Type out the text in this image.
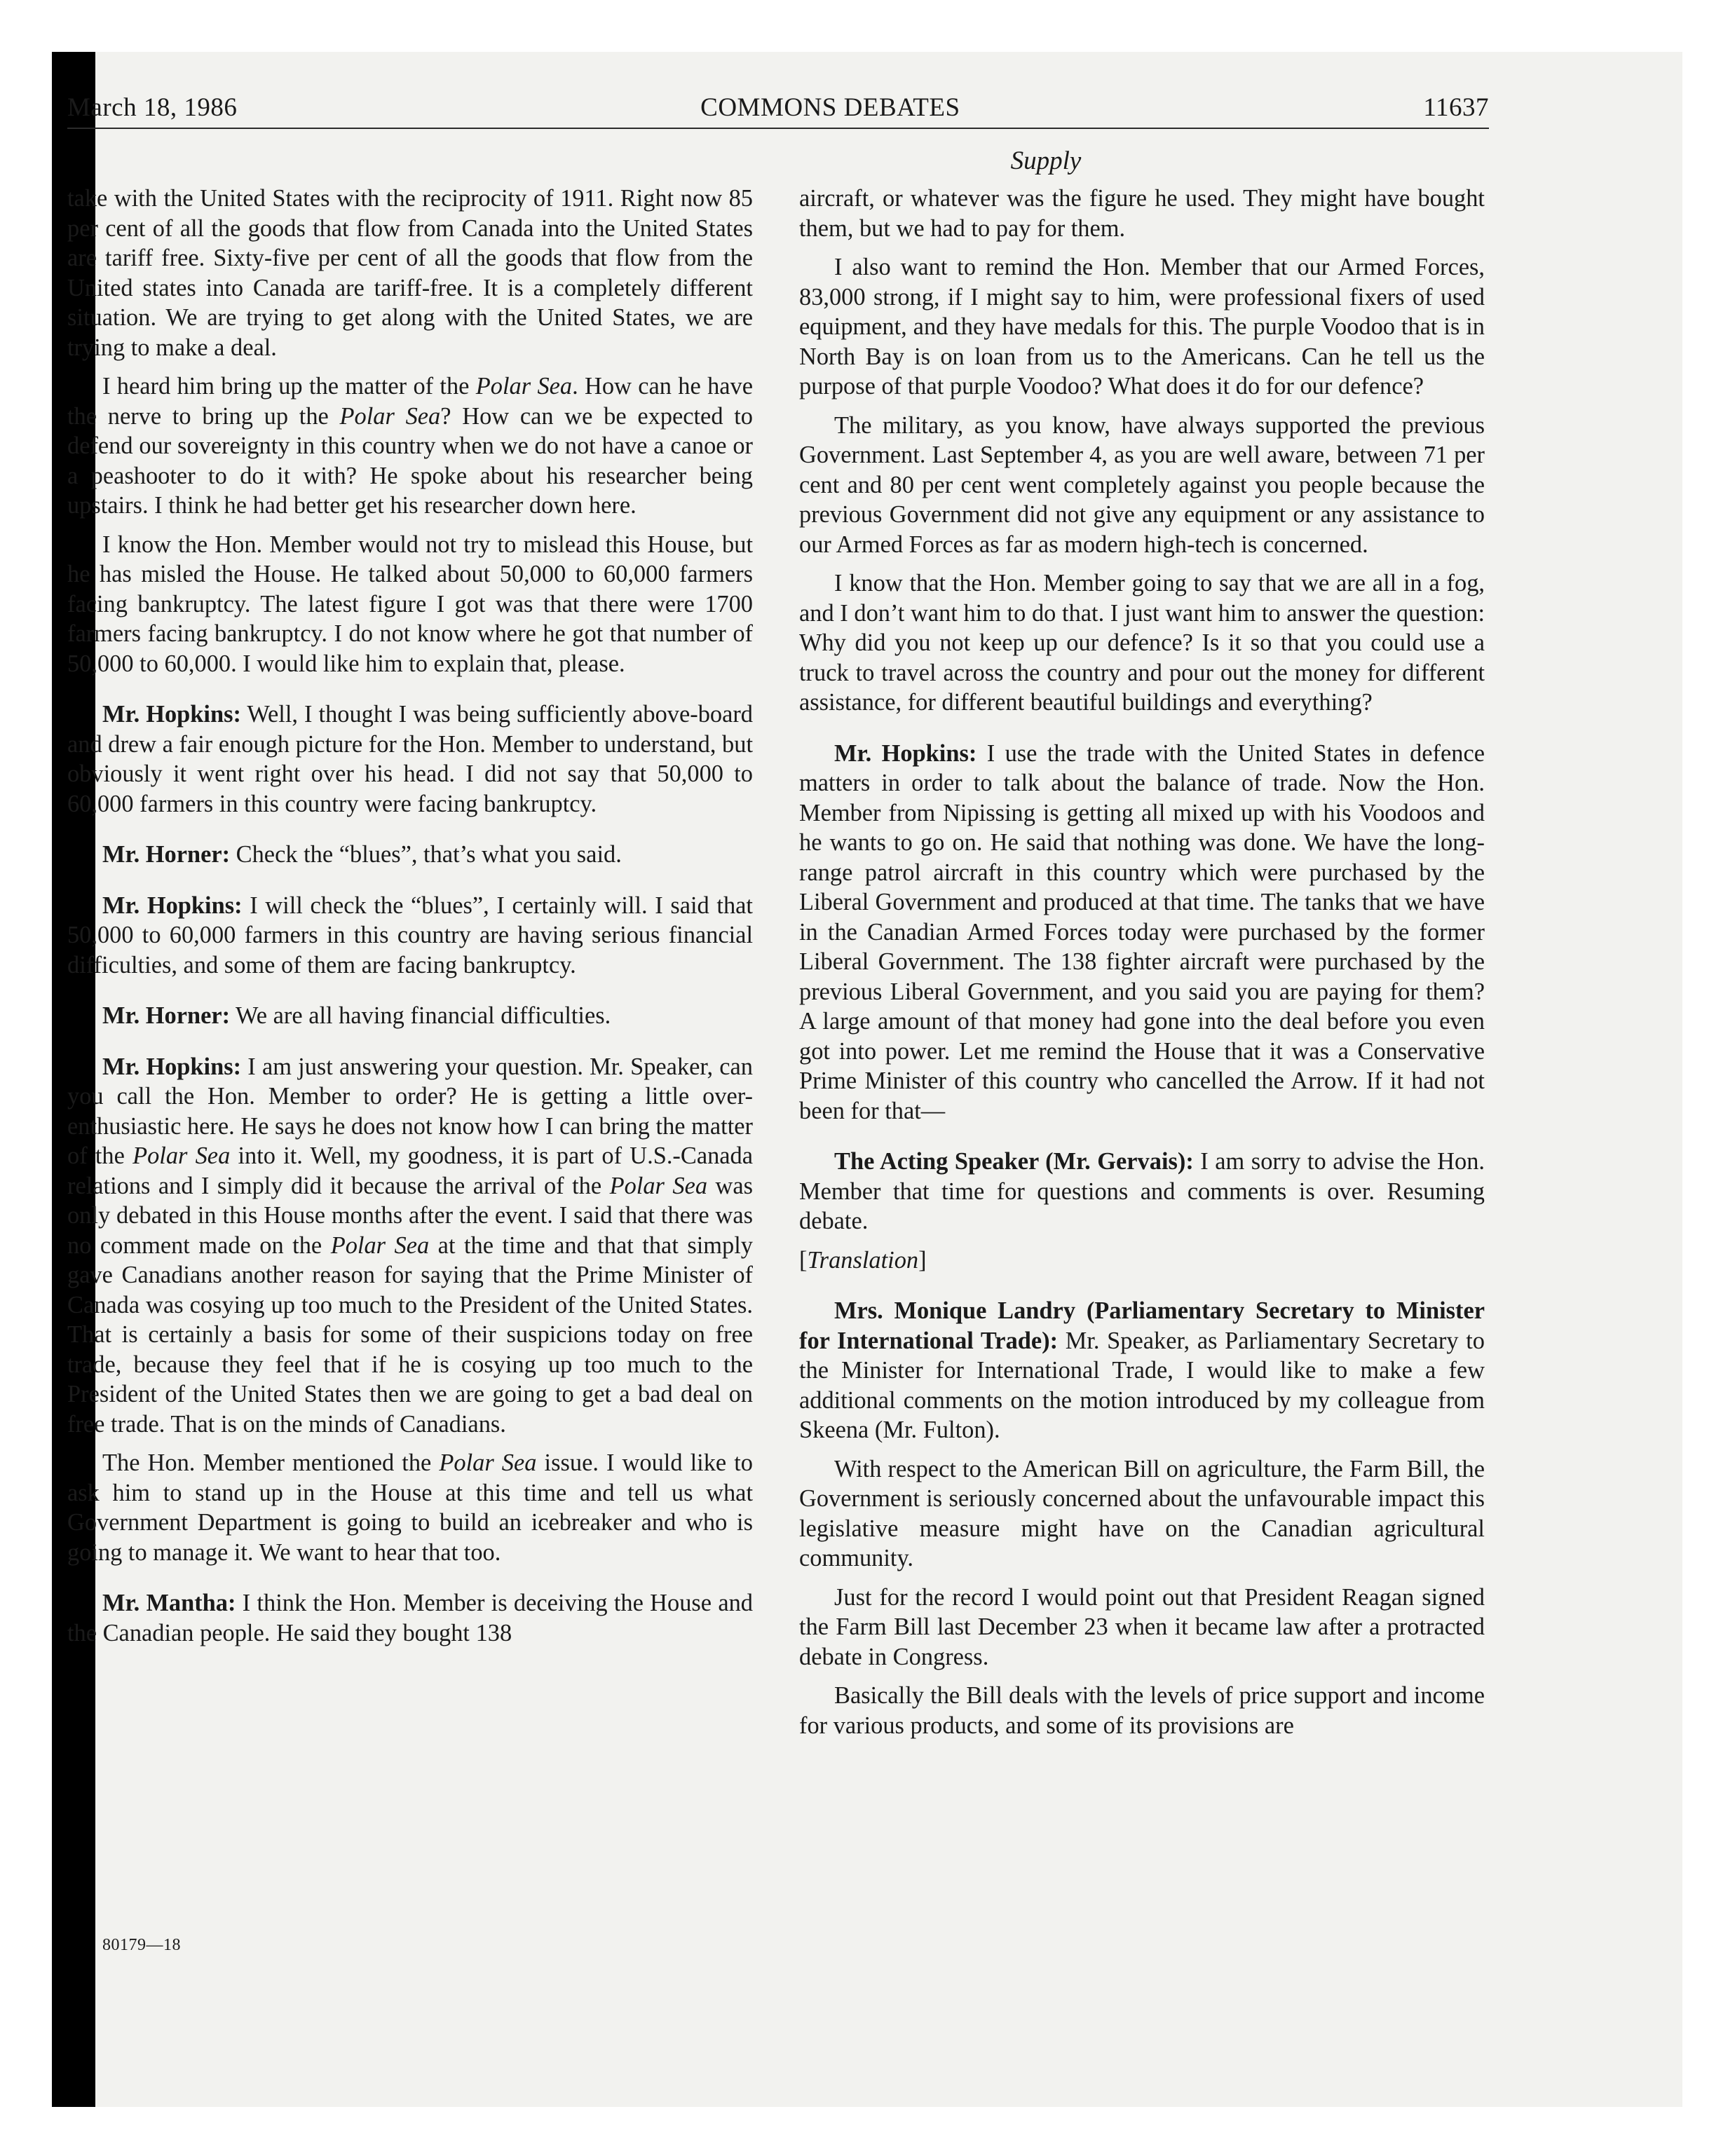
March 18, 1986	COMMONS DEBATES	11637
Supply

take with the United States with the reciprocity of 1911. Right now 85 per cent of all the goods that flow from Canada into the United States are tariff free. Sixty-five per cent of all the goods that flow from the United states into Canada are tariff-free. It is a completely different situation. We are trying to get along with the United States, we are trying to make a deal.

I heard him bring up the matter of the Polar Sea. How can he have the nerve to bring up the Polar Sea? How can we be expected to defend our sovereignty in this country when we do not have a canoe or a peashooter to do it with? He spoke about his researcher being upstairs. I think he had better get his researcher down here.

I know the Hon. Member would not try to mislead this House, but he has misled the House. He talked about 50,000 to 60,000 farmers facing bankruptcy. The latest figure I got was that there were 1700 farmers facing bankruptcy. I do not know where he got that number of 50,000 to 60,000. I would like him to explain that, please.

Mr. Hopkins: Well, I thought I was being sufficiently above-board and drew a fair enough picture for the Hon. Member to understand, but obviously it went right over his head. I did not say that 50,000 to 60,000 farmers in this country were facing bankruptcy.

Mr. Horner: Check the “blues”, that’s what you said.

Mr. Hopkins: I will check the “blues”, I certainly will. I said that 50,000 to 60,000 farmers in this country are having serious financial difficulties, and some of them are facing bankruptcy.

Mr. Horner: We are all having financial difficulties.

Mr. Hopkins: I am just answering your question. Mr. Speaker, can you call the Hon. Member to order? He is getting a little over-enthusiastic here. He says he does not know how I can bring the matter of the Polar Sea into it. Well, my goodness, it is part of U.S.-Canada relations and I simply did it because the arrival of the Polar Sea was only debated in this House months after the event. I said that there was no comment made on the Polar Sea at the time and that that simply gave Canadians another reason for saying that the Prime Minister of Canada was cosying up too much to the President of the United States. That is certainly a basis for some of their suspicions today on free trade, because they feel that if he is cosying up too much to the President of the United States then we are going to get a bad deal on free trade. That is on the minds of Canadians.

The Hon. Member mentioned the Polar Sea issue. I would like to ask him to stand up in the House at this time and tell us what Government Department is going to build an icebreaker and who is going to manage it. We want to hear that too.

Mr. Mantha: I think the Hon. Member is deceiving the House and the Canadian people. He said they bought 138

aircraft, or whatever was the figure he used. They might have bought them, but we had to pay for them.

I also want to remind the Hon. Member that our Armed Forces, 83,000 strong, if I might say to him, were professional fixers of used equipment, and they have medals for this. The purple Voodoo that is in North Bay is on loan from us to the Americans. Can he tell us the purpose of that purple Voodoo? What does it do for our defence?

The military, as you know, have always supported the previous Government. Last September 4, as you are well aware, between 71 per cent and 80 per cent went completely against you people because the previous Government did not give any equipment or any assistance to our Armed Forces as far as modern high-tech is concerned.

I know that the Hon. Member going to say that we are all in a fog, and I don’t want him to do that. I just want him to answer the question: Why did you not keep up our defence? Is it so that you could use a truck to travel across the country and pour out the money for different assistance, for different beautiful buildings and everything?

Mr. Hopkins: I use the trade with the United States in defence matters in order to talk about the balance of trade. Now the Hon. Member from Nipissing is getting all mixed up with his Voodoos and he wants to go on. He said that nothing was done. We have the long-range patrol aircraft in this country which were purchased by the Liberal Government and produced at that time. The tanks that we have in the Canadian Armed Forces today were purchased by the former Liberal Government. The 138 fighter aircraft were purchased by the previous Liberal Government, and you said you are paying for them? A large amount of that money had gone into the deal before you even got into power. Let me remind the House that it was a Conservative Prime Minister of this country who cancelled the Arrow. If it had not been for that—

The Acting Speaker (Mr. Gervais): I am sorry to advise the Hon. Member that time for questions and comments is over. Resuming debate.

[Translation]

Mrs. Monique Landry (Parliamentary Secretary to Minister for International Trade): Mr. Speaker, as Parliamentary Secretary to the Minister for International Trade, I would like to make a few additional comments on the motion introduced by my colleague from Skeena (Mr. Fulton).

With respect to the American Bill on agriculture, the Farm Bill, the Government is seriously concerned about the unfavourable impact this legislative measure might have on the Canadian agricultural community.

Just for the record I would point out that President Reagan signed the Farm Bill last December 23 when it became law after a protracted debate in Congress.

Basically the Bill deals with the levels of price support and income for various products, and some of its provisions are

80179—18
